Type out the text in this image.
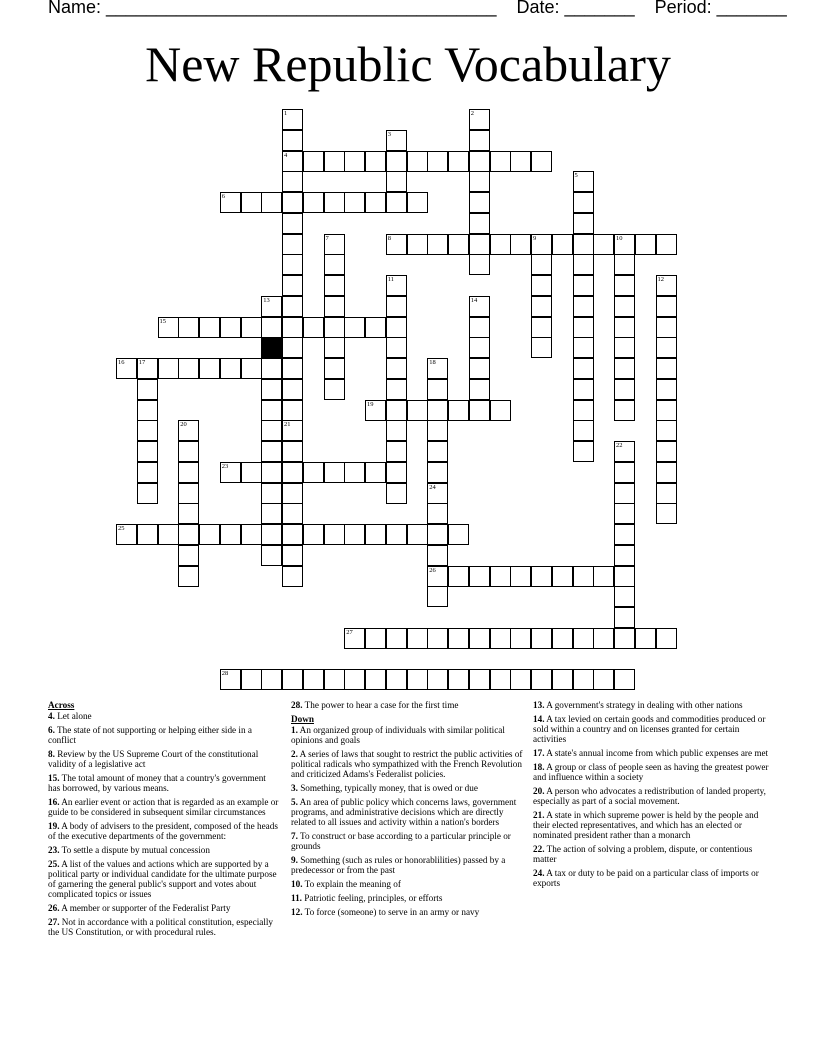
Name: _______________________________________ Date: _______ Period: _______
New Republic Vocabulary
1	2
3
4
5
6
7	8	9	10
11	12
13	14
15
16 17	18
19
20	21
22
23
24
25
26
27
28
Across
4. Let alone
6. The state of not supporting or helping either side in a conflict
8. Review by the US Supreme Court of the constitutional validity of a legislative act
15. The total amount of money that a country's government has borrowed, by various means.
16. An earlier event or action that is regarded as an example or guide to be considered in subsequent similar circumstances
19. A body of advisers to the president, composed of the heads of the executive departments of the government:
23. To settle a dispute by mutual concession
25. A list of the values and actions which are supported by a political party or individual candidate for the ultimate purpose of garnering the general public's support and votes about complicated topics or issues
26. A member or supporter of the Federalist Party
27. Not in accordance with a political constitution, especially the US Constitution, or with procedural rules.
28. The power to hear a case for the first time
Down
1. An organized group of individuals with similar political opinions and goals
2. A series of laws that sought to restrict the public activities of political radicals who sympathized with the French Revolution and criticized Adams's Federalist policies.
3. Something, typically money, that is owed or due
5. An area of public policy which concerns laws, government programs, and administrative decisions which are directly related to all issues and activity within a nation's borders
7. To construct or base according to a particular principle or grounds
9. Something (such as rules or honorablilities) passed by a predecessor or from the past
10. To explain the meaning of
11. Patriotic feeling, principles, or efforts
12. To force (someone) to serve in an army or navy
13. A government's strategy in dealing with other nations
14. A tax levied on certain goods and commodities produced or sold within a country and on licenses granted for certain activities
17. A state's annual income from which public expenses are met
18. A group or class of people seen as having the greatest power and influence within a society
20. A person who advocates a redistribution of landed property, especially as part of a social movement.
21. A state in which supreme power is held by the people and their elected representatives, and which has an elected or nominated president rather than a monarch
22. The action of solving a problem, dispute, or contentious matter
24. A tax or duty to be paid on a particular class of imports or exports
